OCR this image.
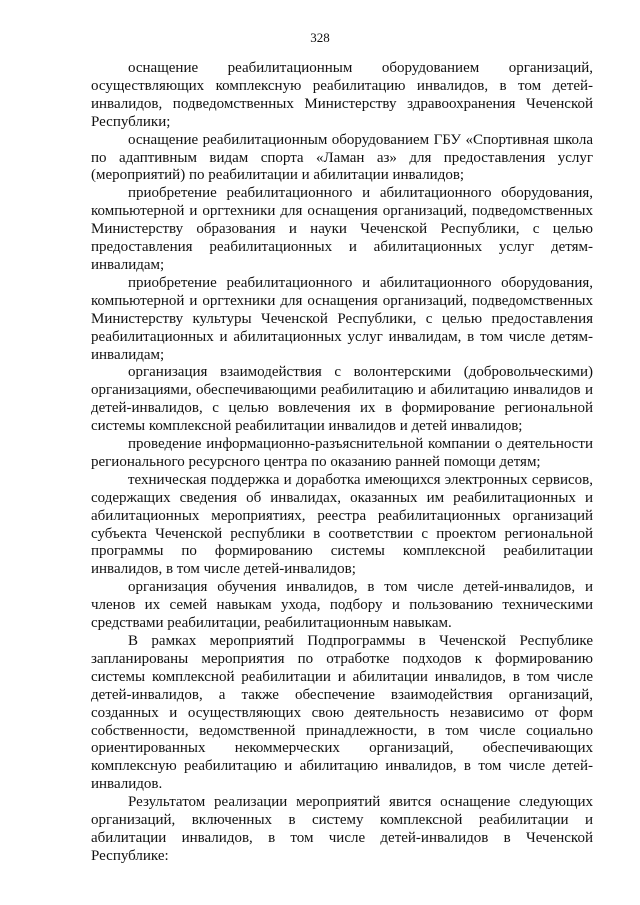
328

оснащение реабилитационным оборудованием организаций, осуществляющих комплексную реабилитацию инвалидов, в том детей-инвалидов, подведомственных Министерству здравоохранения Чеченской Республики;

оснащение реабилитационным оборудованием ГБУ «Спортивная школа по адаптивным видам спорта «Ламан аз» для предоставления услуг (мероприятий) по реабилитации и абилитации инвалидов;

приобретение реабилитационного и абилитационного оборудования, компьютерной и оргтехники для оснащения организаций, подведомственных Министерству образования и науки Чеченской Республики, с целью предоставления реабилитационных и абилитационных услуг детям-инвалидам;

приобретение реабилитационного и абилитационного оборудования, компьютерной и оргтехники для оснащения организаций, подведомственных Министерству культуры Чеченской Республики, с целью предоставления реабилитационных и абилитационных услуг инвалидам, в том числе детям-инвалидам;

организация взаимодействия с волонтерскими (добровольческими) организациями, обеспечивающими реабилитацию и абилитацию инвалидов и детей-инвалидов, с целью вовлечения их в формирование региональной системы комплексной реабилитации инвалидов и детей инвалидов;

проведение информационно-разъяснительной компании о деятельности регионального ресурсного центра по оказанию ранней помощи детям;

техническая поддержка и доработка имеющихся электронных сервисов, содержащих сведения об инвалидах, оказанных им реабилитационных и абилитационных мероприятиях, реестра реабилитационных организаций субъекта Чеченской республики в соответствии с проектом региональной программы по формированию системы комплексной реабилитации инвалидов, в том числе детей-инвалидов;

организация обучения инвалидов, в том числе детей-инвалидов, и членов их семей навыкам ухода, подбору и пользованию техническими средствами реабилитации, реабилитационным навыкам.

В рамках мероприятий Подпрограммы в Чеченской Республике запланированы мероприятия по отработке подходов к формированию системы комплексной реабилитации и абилитации инвалидов, в том числе детей-инвалидов, а также обеспечение взаимодействия организаций, созданных и осуществляющих свою деятельность независимо от форм собственности, ведомственной принадлежности, в том числе социально ориентированных некоммерческих организаций, обеспечивающих комплексную реабилитацию и абилитацию инвалидов, в том числе детей-инвалидов.

Результатом реализации мероприятий явится оснащение следующих организаций, включенных в систему комплексной реабилитации и абилитации инвалидов, в том числе детей-инвалидов в Чеченской Республике:
